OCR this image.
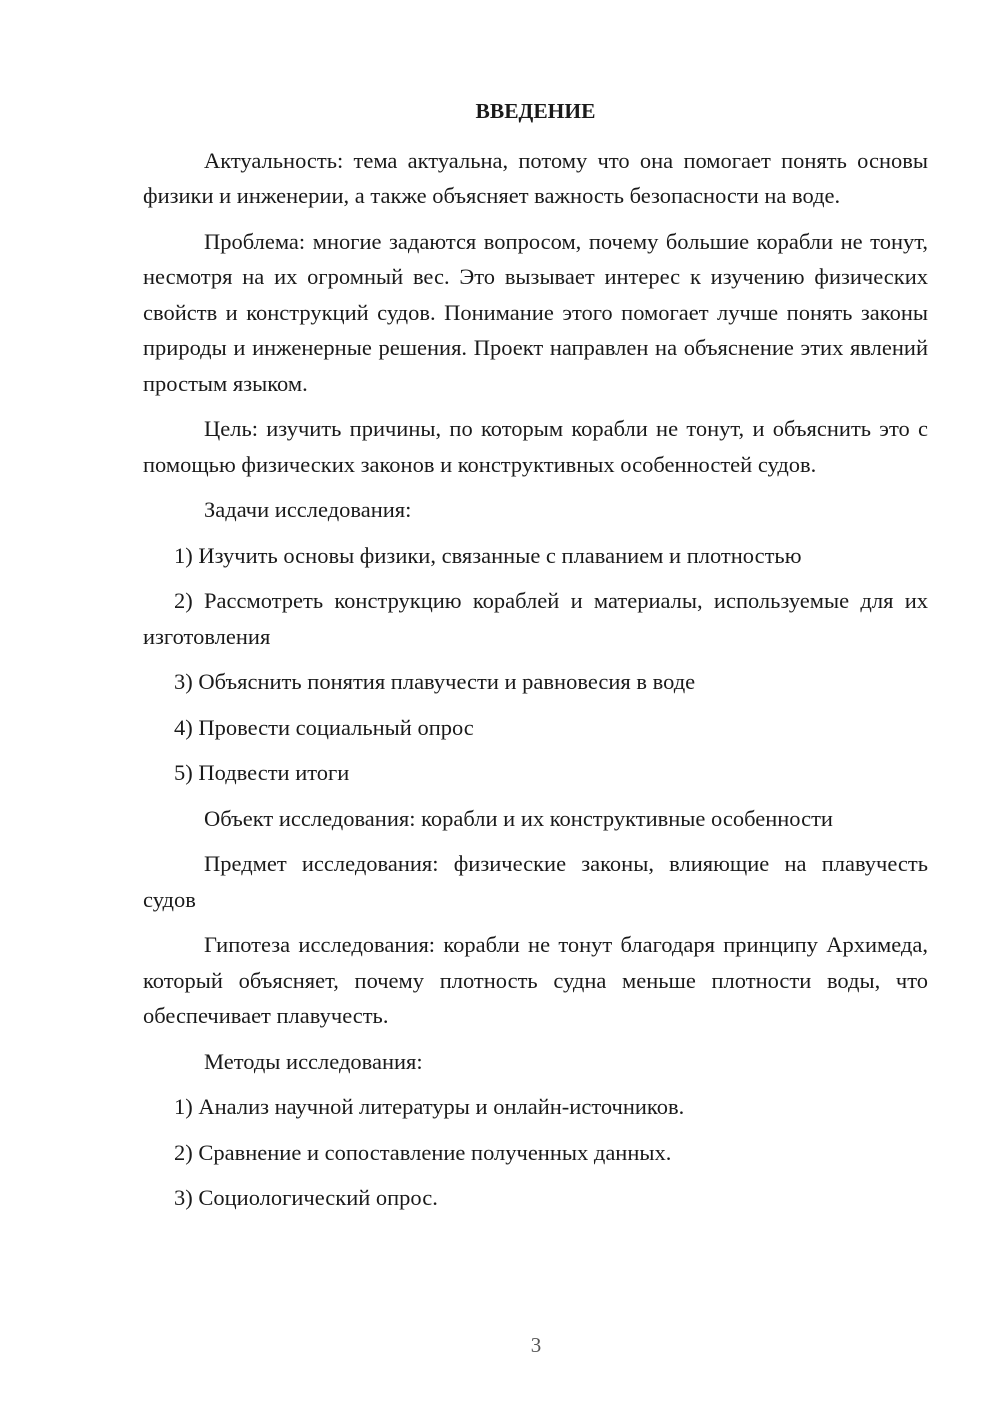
ВВЕДЕНИЕ

Актуальность: тема актуальна, потому что она помогает понять основы физики и инженерии, а также объясняет важность безопасности на воде.

Проблема: многие задаются вопросом, почему большие корабли не тонут, несмотря на их огромный вес. Это вызывает интерес к изучению физических свойств и конструкций судов. Понимание этого помогает лучше понять законы природы и инженерные решения. Проект направлен на объяснение этих явлений простым языком.

Цель: изучить причины, по которым корабли не тонут, и объяснить это с помощью физических законов и конструктивных особенностей судов.

Задачи исследования:

1) Изучить основы физики, связанные с плаванием и плотностью

2) Рассмотреть конструкцию кораблей и материалы, используемые для их изготовления

3) Объяснить понятия плавучести и равновесия в воде

4) Провести социальный опрос

5) Подвести итоги

Объект исследования: корабли и их конструктивные особенности

Предмет исследования: физические законы, влияющие на плавучесть судов

Гипотеза исследования: корабли не тонут благодаря принципу Архимеда, который объясняет, почему плотность судна меньше плотности воды, что обеспечивает плавучесть.

Методы исследования:

1) Анализ научной литературы и онлайн-источников.

2) Сравнение и сопоставление полученных данных.

3) Социологический опрос.

3
